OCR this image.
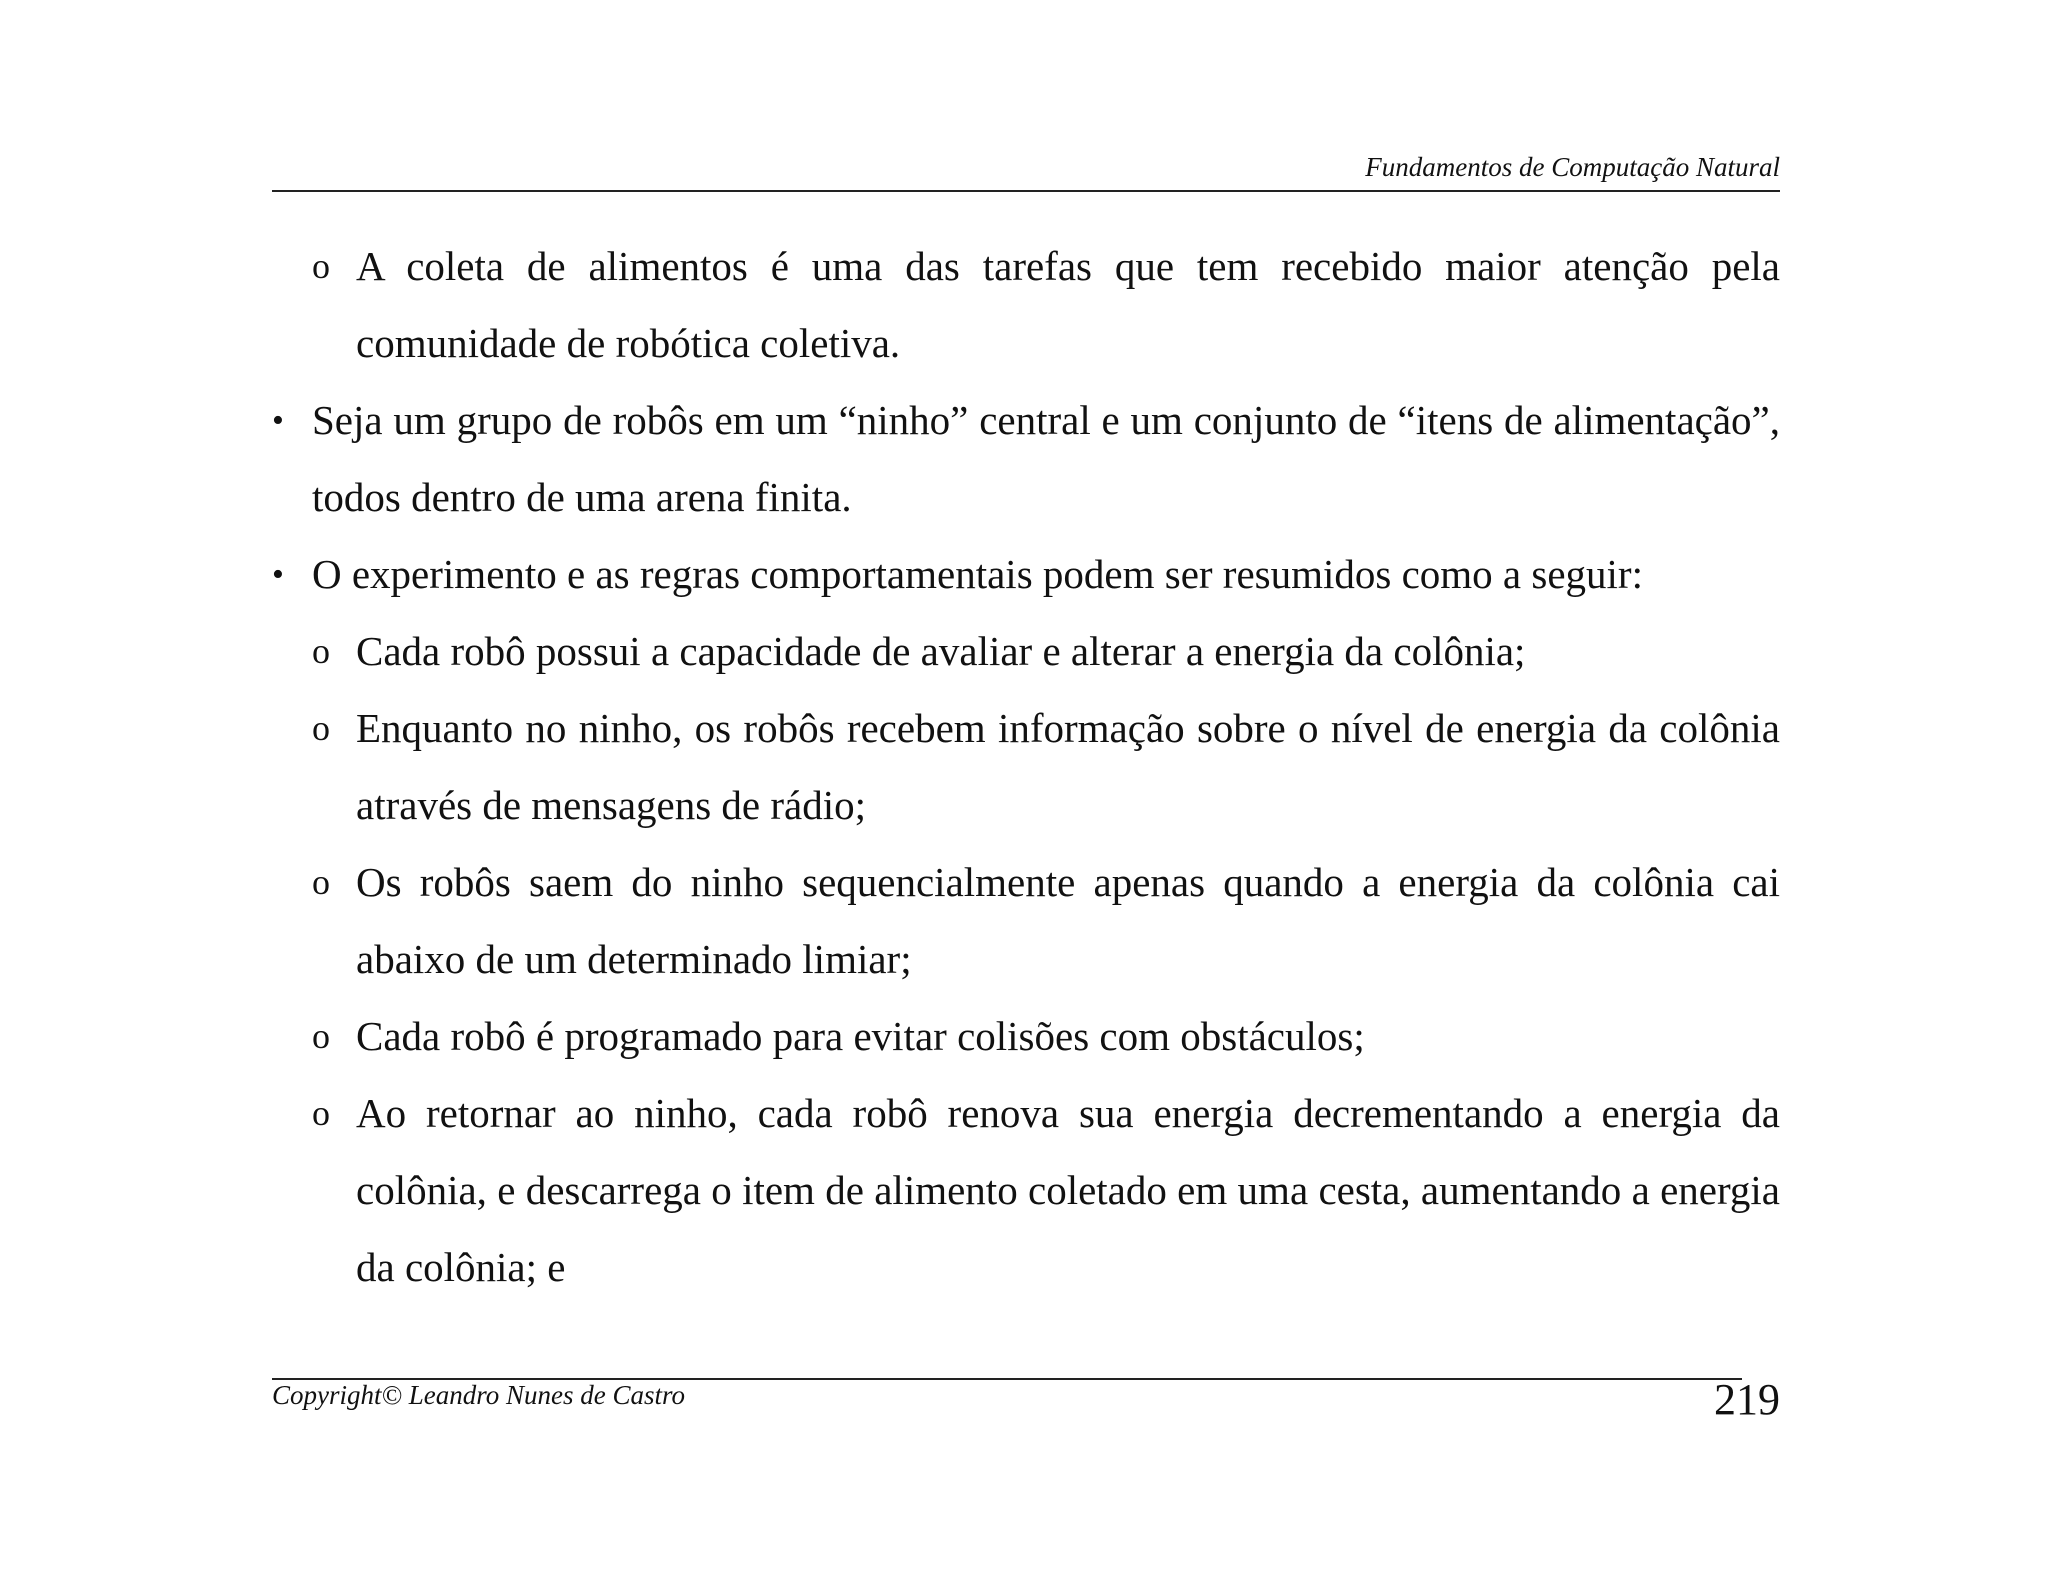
Fundamentos de Computação Natural
o A coleta de alimentos é uma das tarefas que tem recebido maior atenção pela comunidade de robótica coletiva.
• Seja um grupo de robôs em um “ninho” central e um conjunto de “itens de alimentação”, todos dentro de uma arena finita.
• O experimento e as regras comportamentais podem ser resumidos como a seguir:
o Cada robô possui a capacidade de avaliar e alterar a energia da colônia;
o Enquanto no ninho, os robôs recebem informação sobre o nível de energia da colônia através de mensagens de rádio;
o Os robôs saem do ninho sequencialmente apenas quando a energia da colônia cai abaixo de um determinado limiar;
o Cada robô é programado para evitar colisões com obstáculos;
o Ao retornar ao ninho, cada robô renova sua energia decrementando a energia da colônia, e descarrega o item de alimento coletado em uma cesta, aumentando a energia da colônia; e
Copyright© Leandro Nunes de Castro	219
